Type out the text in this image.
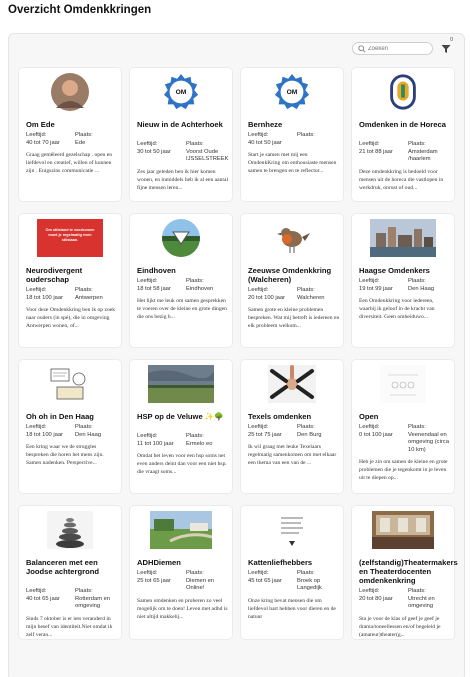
Overzicht Omdenkkringen
Zoeken
0
Om Ede
Leeftijd:
40 tot 70 jaar
Plaats:
Ede
Graag gemêleerd gezelschap . open en liefdevol en creatief, willen of kunnen zijn . Enigszins communicatie ...
OM
Nieuw in de Achterhoek
Leeftijd:
30 tot 50 jaar
Plaats:
Voorst Oude IJSSELSTREEK
Zes jaar geleden ben ik hier komen wonen, en inmiddels heb ik al een aantal fijne mensen leren...
OM
Bernheze
Leeftijd:
40 tot 50 jaar
Plaats:
Start je samen met mij een OmdenkKring om enthousiaste mensen samen te brengen en te reflector...
Omdenken in de Horeca
Leeftijd:
21 tot 88 jaar
Plaats:
Amsterdam /haarlem
Deze omdenkkring is bedoeld voor mensen uit de horeca die vastlopen in werkdruk, onrust of oud...
Om stilstand te voorkomen moet je regelmatig even stilstaan.
Neurodivergent ouderschap
Leeftijd:
18 tot 100 jaar
Plaats:
Antwerpen
Voor deze Omdenkkring ben ik op zoek naar ouders (in spé), die in omgeving Antwerpen wonen, of...
Eindhoven
Leeftijd:
18 tot 58 jaar
Plaats:
Eindhoven
Het lijkt me leuk om samen gesprekken te voeren over de kleine en grote dingen die ons bezig h...
Zeeuwse Omdenkkring (Walcheren)
Leeftijd:
20 tot 100 jaar
Plaats:
Walcheren
Samen grote en kleine problemen bespreken. Wat mij betreft is iedereen en elk probleem welkom...
Haagse Omdenkers
Leeftijd:
19 tot 99 jaar
Plaats:
Den Haag
Een Omdenkkring voor iedereen, waarbij ik geloof in de kracht van diversiteit. Geen omheiduwo...
Oh oh in Den Haag
Leeftijd:
18 tot 100 jaar
Plaats:
Den Haag
Een kring waar we de struggles bespreken die horen het mens zijn. Samen nadenken. Perspective...
HSP op de Veluwe ✨🌳
Leeftijd:
11 tot 100 jaar
Plaats:
Ermelo eo
Omdat het leven voor een hsp soms net even anders deint dan voor een niet hsp. die vraagt soms...
Texels omdenken
Leeftijd:
25 tot 75 jaar
Plaats:
Den Burg
Ik wil graag met leuke Texelaars regelmatig samenkomen om met elkaar een thema van een van de ...
Open
Leeftijd:
0 tot 100 jaar
Plaats:
Veenendaal en omgeving (circa 10 km)
Heb je zin om samen de kleine en grote problemen die je tegenkomt in je leven uit te diepen op...
Balanceren met een Joodse achtergrond
Leeftijd:
40 tot 65 jaar
Plaats:
Rotterdam en omgeving
Sinds 7 oktober is er iets veranderd in mijn besef van identiteit.Niet omdat ik zelf veran...
ADHDiemen
Leeftijd:
25 tot 65 jaar
Plaats:
Diemen en Online!
Samen omdenken en proberen zo veel mogelijk om te doen! Leven met adhd is niet altijd makkelij...
Kattenliefhebbers
Leeftijd:
45 tot 65 jaar
Plaats:
Broek op Langedijk
Onze kring bevat mensen die om liefdevol hart hebben voor dieren en de natuur
(zelfstandig)Theatermakers en Theaterdocenten omdenkenkring
Leeftijd:
20 tot 80 jaar
Plaats:
Utrecht en omgeving
Sta je voor de klas of geef je geef je drama/toneellessen en/of begeleid je (amateur)theater(g...
